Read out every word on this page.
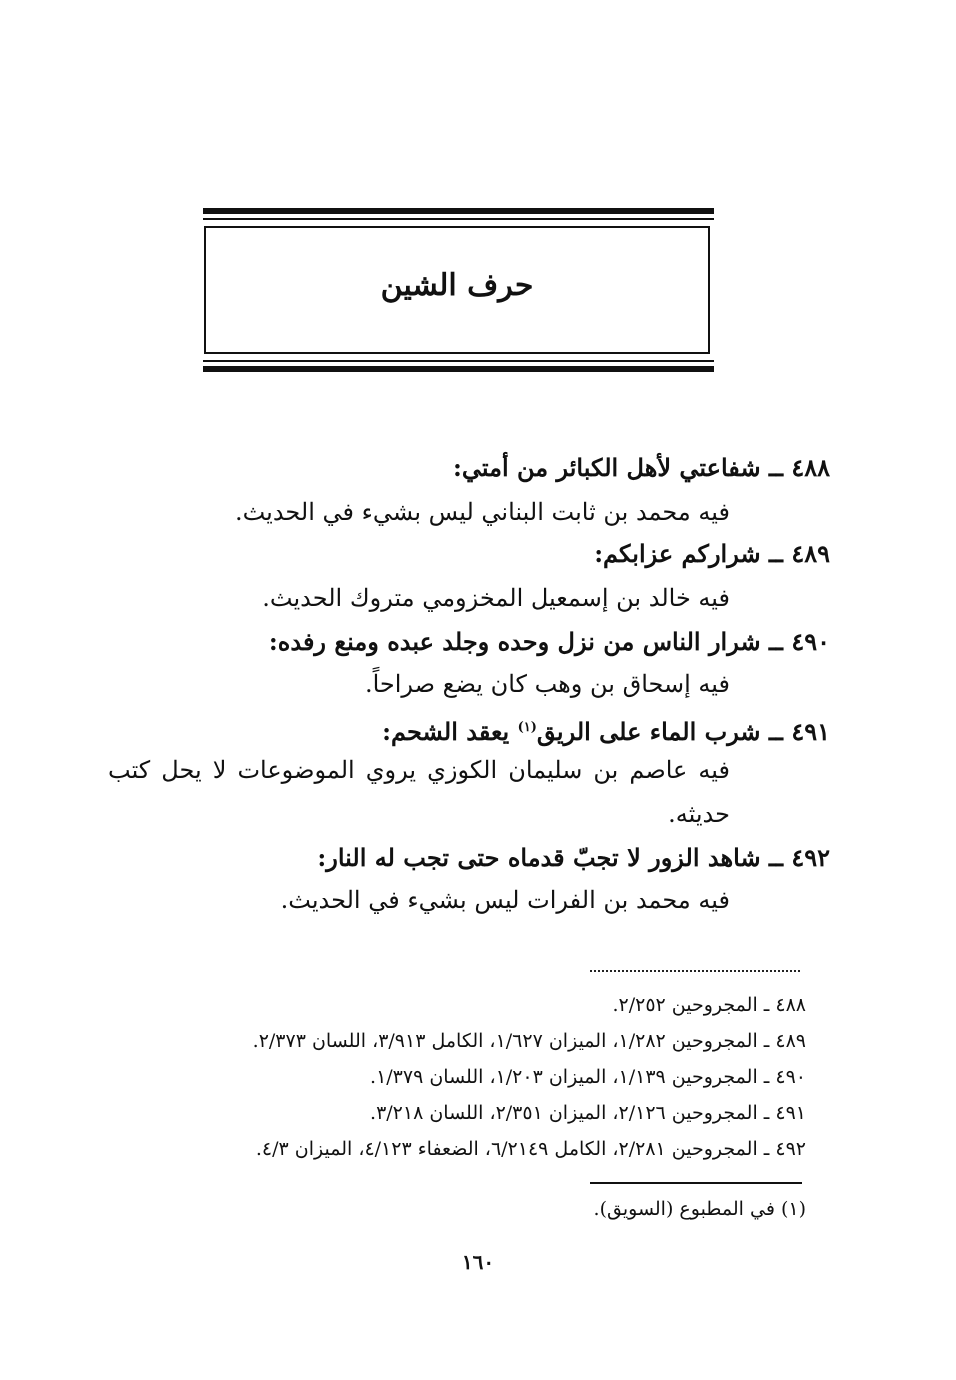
حرف الشين
٤٨٨ ــ شفاعتي لأهل الكبائر من أمتي:
فيه محمد بن ثابت البناني ليس بشيء في الحديث.
٤٨٩ ــ شراركم عزابكم:
فيه خالد بن إسمعيل المخزومي متروك الحديث.
٤٩٠ ــ شرار الناس من نزل وحده وجلد عبده ومنع رفده:
فيه إسحاق بن وهب كان يضع صراحاً.
٤٩١ ــ شرب الماء على الريق$^{(١)}$ يعقد الشحم:
فيه عاصم بن سليمان الكوزي يروي الموضوعات لا يحل كتب
حديثه.
٤٩٢ ــ شاهد الزور لا تجبّ قدماه حتى تجب له النار:
فيه محمد بن الفرات ليس بشيء في الحديث.
٤٨٨ ـ المجروحين ٢/٢٥٢.
٤٨٩ ـ المجروحين ١/٢٨٢، الميزان ١/٦٢٧، الكامل ٣/٩١٣، اللسان ٢/٣٧٣.
٤٩٠ ـ المجروحين ١/١٣٩، الميزان ١/٢٠٣، اللسان ١/٣٧٩.
٤٩١ ـ المجروحين ٢/١٢٦، الميزان ٢/٣٥١، اللسان ٣/٢١٨.
٤٩٢ ـ المجروحين ٢/٢٨١، الكامل ٦/٢١٤٩، الضعفاء ٤/١٢٣، الميزان ٤/٣.
(١) في المطبوع (السويق).
١٦٠
